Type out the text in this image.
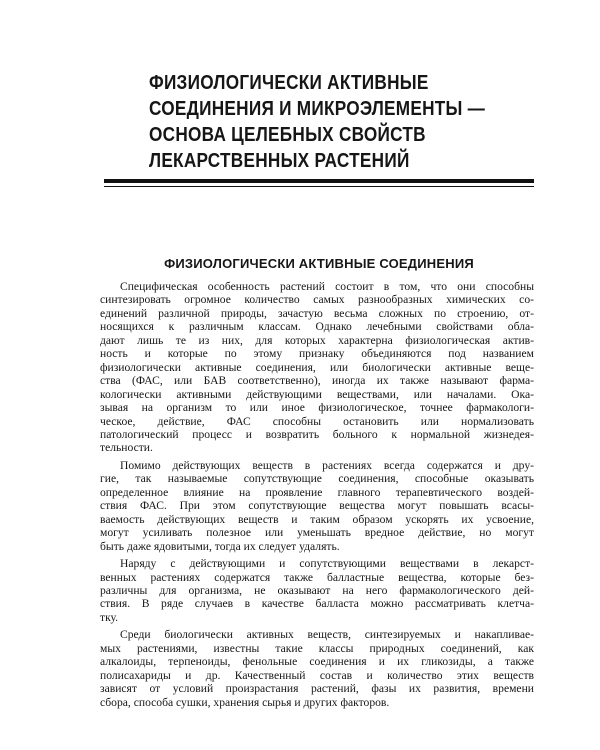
ФИЗИОЛОГИЧЕСКИ АКТИВНЫЕ
СОЕДИНЕНИЯ И МИКРОЭЛЕМЕНТЫ —
ОСНОВА ЦЕЛЕБНЫХ СВОЙСТВ
ЛЕКАРСТВЕННЫХ РАСТЕНИЙ
ФИЗИОЛОГИЧЕСКИ АКТИВНЫЕ СОЕДИНЕНИЯ

Специфическая особенность растений состоит в том, что они способны
синтезировать огромное количество самых разнообразных химических со-
единений различной природы, зачастую весьма сложных по строению, от-
носящихся к различным классам. Однако лечебными свойствами обла-
дают лишь те из них, для которых характерна физиологическая актив-
ность и которые по этому признаку объединяются под названием
физиологически активные соединения, или биологически активные веще-
ства (ФАС, или БАВ соответственно), иногда их также называют фарма-
кологически активными действующими веществами, или началами. Ока-
зывая на организм то или иное физиологическое, точнее фармакологи-
ческое, действие, ФАС способны остановить или нормализовать
патологический процесс и возвратить больного к нормальной жизнедея-
тельности.

Помимо действующих веществ в растениях всегда содержатся и дру-
гие, так называемые сопутствующие соединения, способные оказывать
определенное влияние на проявление главного терапевтического воздей-
ствия ФАС. При этом сопутствующие вещества могут повышать всасы-
ваемость действующих веществ и таким образом ускорять их усвоение,
могут усиливать полезное или уменьшать вредное действие, но могут
быть даже ядовитыми, тогда их следует удалять.

Наряду с действующими и сопутствующими веществами в лекарст-
венных растениях содержатся также балластные вещества, которые без-
различны для организма, не оказывают на него фармакологического дей-
ствия. В ряде случаев в качестве балласта можно рассматривать клетча-
тку.

Среди биологически активных веществ, синтезируемых и накапливае-
мых растениями, известны такие классы природных соединений, как
алкалоиды, терпеноиды, фенольные соединения и их гликозиды, а также
полисахариды и др. Качественный состав и количество этих веществ
зависят от условий произрастания растений, фазы их развития, времени
сбора, способа сушки, хранения сырья и других факторов.
